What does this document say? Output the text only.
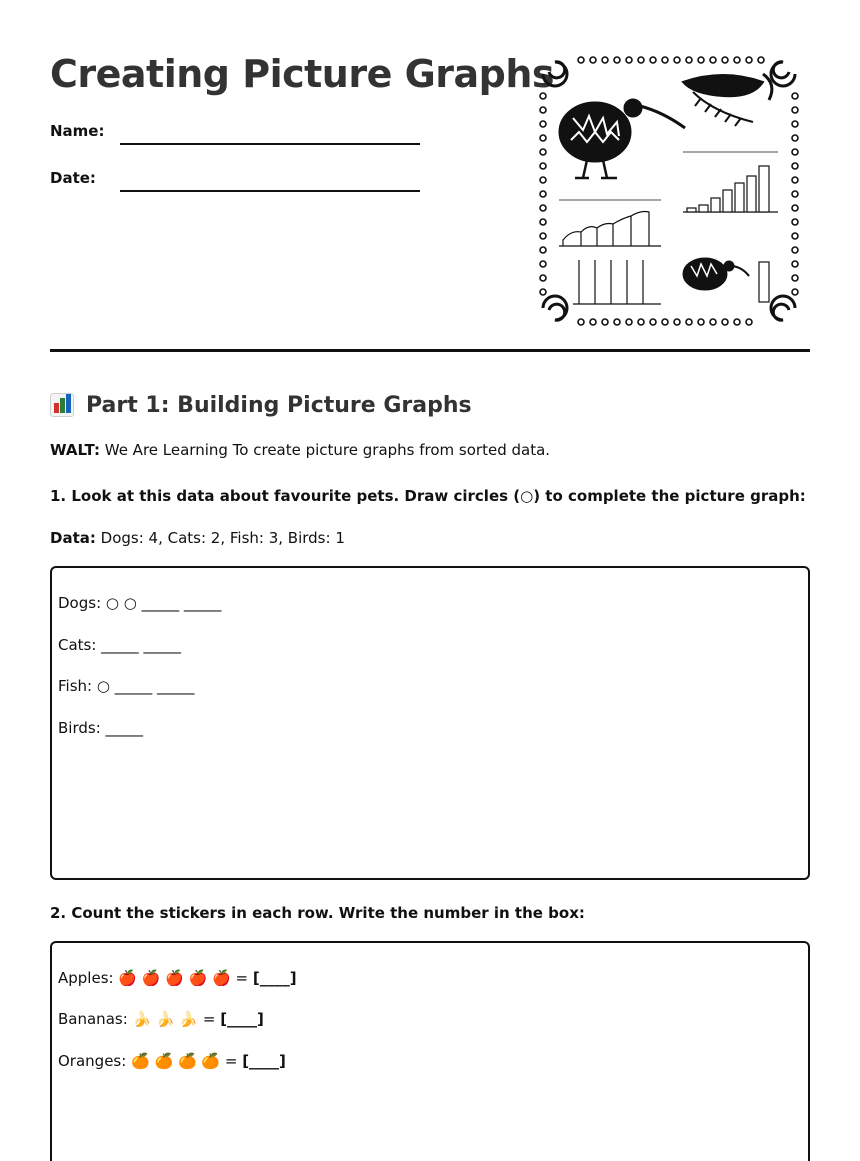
Creating Picture Graphs
Name:
Date:
Part 1: Building Picture Graphs
WALT: We Are Learning To create picture graphs from sorted data.
1. Look at this data about favourite pets. Draw circles (○) to complete the picture graph:
Data: Dogs: 4, Cats: 2, Fish: 3, Birds: 1
Dogs: ○ ○ _____ _____
Cats: _____ _____
Fish: ○ _____ _____
Birds: _____
2. Count the stickers in each row. Write the number in the box:
Apples: 🍎 🍎 🍎 🍎 🍎 = [____]
Bananas: 🍌 🍌 🍌 = [____]
Oranges: 🍊 🍊 🍊 🍊 = [____]
